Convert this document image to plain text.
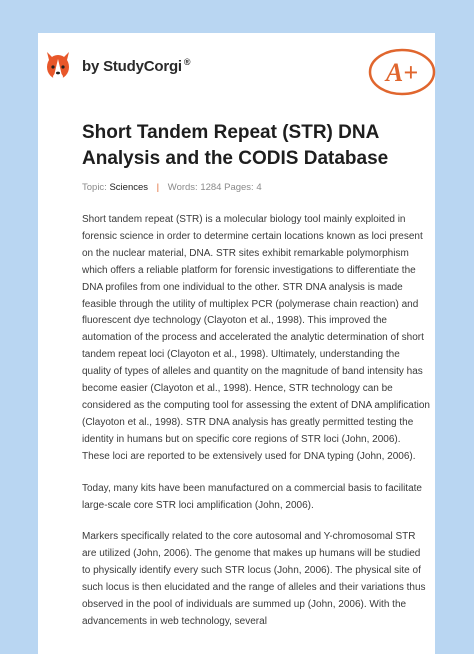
by StudyCorgi ®	A+
Short Tandem Repeat (STR) DNA Analysis and the CODIS Database
Topic: Sciences | Words: 1284 Pages: 4

Short tandem repeat (STR) is a molecular biology tool mainly exploited in forensic science in order to determine certain locations known as loci present on the nuclear material, DNA. STR sites exhibit remarkable polymorphism which offers a reliable platform for forensic investigations to differentiate the DNA profiles from one individual to the other. STR DNA analysis is made feasible through the utility of multiplex PCR (polymerase chain reaction) and fluorescent dye technology (Clayoton et al., 1998). This improved the automation of the process and accelerated the analytic determination of short tandem repeat loci (Clayoton et al., 1998). Ultimately, understanding the quality of types of alleles and quantity on the magnitude of band intensity has become easier (Clayoton et al., 1998). Hence, STR technology can be considered as the computing tool for assessing the extent of DNA amplification (Clayoton et al., 1998). STR DNA analysis has greatly permitted testing the identity in humans but on specific core regions of STR loci (John, 2006). These loci are reported to be extensively used for DNA typing (John, 2006).

Today, many kits have been manufactured on a commercial basis to facilitate large-scale core STR loci amplification (John, 2006).

Markers specifically related to the core autosomal and Y-chromosomal STR are utilized (John, 2006). The genome that makes up humans will be studied to physically identify every such STR locus (John, 2006). The physical site of such locus is then elucidated and the range of alleles and their variations thus observed in the pool of individuals are summed up (John, 2006). With the advancements in web technology, several
